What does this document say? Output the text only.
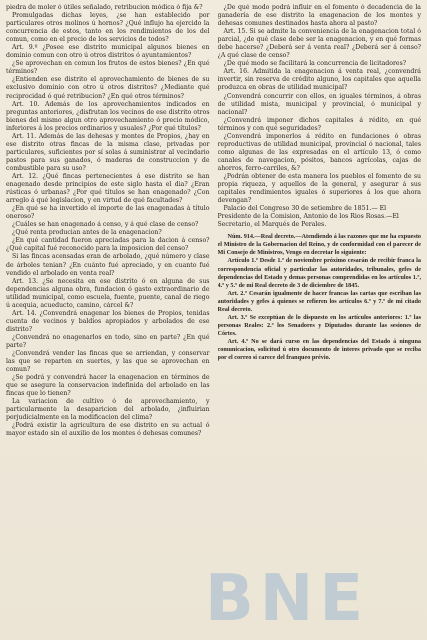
piedra de moler ó útiles señalado, retribucion módica ó fija &?

Promulgadas dichas leyes, ¿se han establecido por particulares otros molinos ú hornos? ¿Qué influjo ha ejercido la concurrencia de estos, tanto en los rendimientos de los del comun, como en el precio de los servicios de todos?

Art. 9.º ¿Posee ese distrito municipal algunos bienes en dominio comun con otro ú otros distritos ó ayuntamientos?

¿Se aprovechan en comun los frutos de estos bienes? ¿En qué términos?

¿Entienden ese distrito el aprovechamiento de bienes de su exclusivo dominio con otro ú otros distritos? ¿Mediante qué reciprocidad ó qué retribucion? ¿En qué otros términos?

Art. 10. Además de los aprovechamientos indicados en preguntas anteriores, ¿disfrutan los vecinos de ese distrito otros bienes del mismo algun otro aprovechamiento ó precio módico, inferiores á los precios ordinarios y usuales? ¿Por qué títulos?

Art. 11. Además de las dehesas y montes de Propios, ¿hay en ese distrito otras fincas de la misma clase, privadas por particulares, suficientes por sí solas á suministrar al vecindario pastos para sus ganados, ó maderas de construccion y de combustible para su uso?

Art. 12. ¿Qué fincas pertenecientes á ese distrito se han enagenado desde principios de este siglo hasta el dia? ¿Eran rústicas ó urbanas? ¿Por qué títulos se han enagenado? ¿Con arreglo á qué legislacion, y en virtud de qué facultades?

¿En qué se ha invertido el importe de las enagenadas á título oneroso?

¿Cuáles se han enagenado á censo, y á qué clase de censo?

¿Qué renta producian antes de la enagenacion?

¿En qué cantidad fueron apreciadas para la dacion á censo? ¿Qué capital fué reconocido para la imposicion del censo?

Si las fincas acensadas eran de arbolado, ¿qué número y clase de árboles tenian? ¿En cuánto fué apreciado, y en cuanto fué vendido el arbolado en venta real?

Art. 13. ¿Se necesita en ese distrito ó en alguna de sus dependencias alguna obra, fundacion ó gasto extraordinario de utilidad municipal, como escuela, fuente, puente, canal de riego ú acequia, acueducto, camino, cárcel &?

Art. 14. ¿Convendrá enagenar los bienes de Propios, tenidas cuenta de vecinos y baldíos apropiados y arbolados de ese distrito?

¿Convendrá no enagenarlos en todo, sino en parte? ¿En qué parte?

¿Convendrá vender las fincas que se arriendan, y conservar las que se reparten en suertes, y las que se aprovechan en comun?

¿Se podrá y convendrá hacer la enagenacion en términos de que se asegure la conservacion indefinida del arbolado en las fincas que lo tienen?

La variacion de cultivo ó de aprovechamiento, y particularmente la desaparicion del arbolado, ¿influirian perjudicialmente en la modificacion del clima?

¿Podrá existir la agricultura de ese distrito en su actual ó mayor estado sin el auxilio de los montes ó dehesas comunes?

¿De qué modo podrá influir en el fomento ó decadencia de la ganadería de ese distrito la enagenacion de los montes y dehesas comunes destinados hasta ahora al pasto?

Art. 15. Si se admite la conveniencia de la enagenacion total ó parcial, ¿de qué clase debe ser la enagenacion, y en qué formas debe hacerse? ¿Deberá ser á venta real? ¿Deberá ser á censo? ¿A qué clase de censo?

¿De qué modo se facilitará la concurrencia de licitadores?

Art. 16. Admitida la enagenacion á venta real, ¿convendrá invertir, sin reserva de crédito alguno, los capitales que aquella produzca en obras de utilidad municipal?

¿Convendrá concurrir con ellos, en iguales términos, á obras de utilidad mista, municipal y provincial, ó municipal y nacional?

¿Convendrá imponer dichos capitales á rédito, en qué términos y con qué seguridades?

¿Convendrá imponerlos á rédito en fundaciones ó obras reproductivas de utilidad municipal, provincial ó nacional, tales como algunas de las expresadas en el artículo 13, ó como canales de navegacion, pósitos, bancos agrícolas, cajas de ahorros, ferro-carriles, &?

¿Podrán obtener de esta manera los pueblos el fomento de su propia riqueza, y aquellos de la general, y asegurar á sus capitales rendimientos iguales ó superiores á los que ahora devengan?

Palacio del Congreso 30 de setiembre de 1851.— El Presidente de la Comision, Antonio de los Rios Rosas.—El Secretario, el Marqués de Perales.

Núm. 914.—Real decreto.—Atendiendo á las razones que me ha expuesto el Ministro de la Gobernacion del Reino, y de conformidad con el parecer de Mi Consejo de Ministros, Vengo en decretar lo siguiente:

Artículo 1.º Desde 1.º de noviembre próximo cesarán de recibir franca la correspondencia oficial y particular las autoridades, tribunales, gefes de dependencias del Estado y demas personas comprendidas en los artículos 1.º, 4.º y 5.º de mi Real decreto de 3 de diciembre de 1845.

Art. 2.º Cesarán igualmente de hacer francas las cartas que escriban las autoridades y gefes á quienes se refieren los artículos 6.º y 7.º de mi citado Real decreto.

Art. 3.º Se exceptúan de lo dispuesto en los artículos anteriores: 1.º las personas Reales: 2.º los Senadores y Diputados durante las sesiones de Córtes.

Art. 4.º No se dará curso en las dependencias del Estado á ninguna comunicacion, solicitud ú otro documento de interes privado que se reciba por el correo si carece del franqueo prévio.

BNE
